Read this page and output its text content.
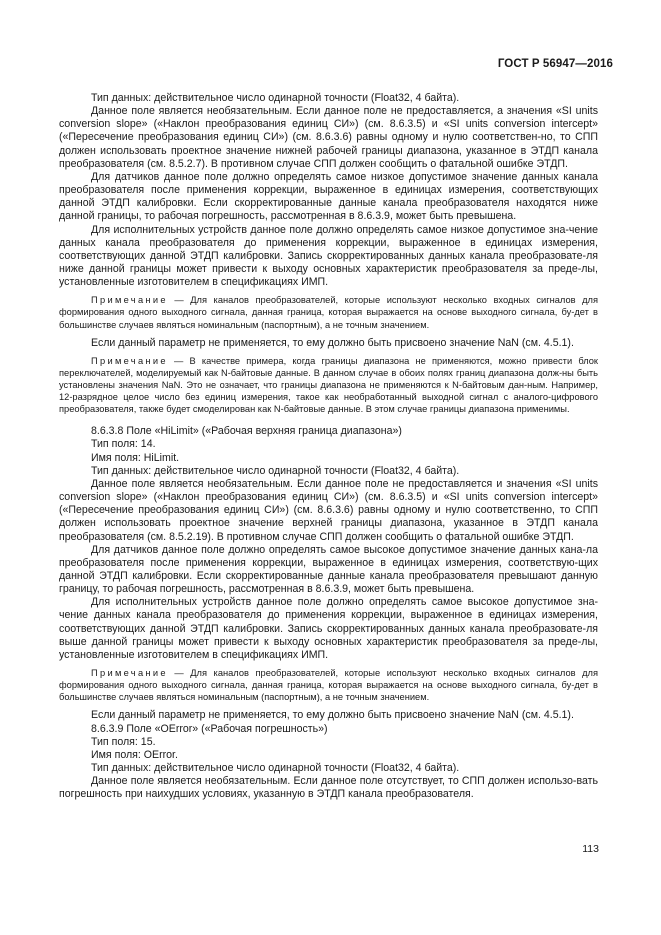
ГОСТ Р 56947—2016

Тип данных: действительное число одинарной точности (Float32, 4 байта).

Данное поле является необязательным. Если данное поле не предоставляется, а значения «SI units conversion slope» («Наклон преобразования единиц СИ») (см. 8.6.3.5) и «SI units conversion intercept» («Пересечение преобразования единиц СИ») (см. 8.6.3.6) равны одному и нулю соответствен-но, то СПП должен использовать проектное значение нижней рабочей границы диапазона, указанное в ЭТДП канала преобразователя (см. 8.5.2.7). В противном случае СПП должен сообщить о фатальной ошибке ЭТДП.

Для датчиков данное поле должно определять самое низкое допустимое значение данных канала преобразователя после применения коррекции, выраженное в единицах измерения, соответствующих данной ЭТДП калибровки. Если скорректированные данные канала преобразователя находятся ниже данной границы, то рабочая погрешность, рассмотренная в 8.6.3.9, может быть превышена.

Для исполнительных устройств данное поле должно определять самое низкое допустимое зна-чение данных канала преобразователя до применения коррекции, выраженное в единицах измерения, соответствующих данной ЭТДП калибровки. Запись скорректированных данных канала преобразовате-ля ниже данной границы может привести к выходу основных характеристик преобразователя за преде-лы, установленные изготовителем в спецификациях ИМП.

Примечание — Для каналов преобразователей, которые используют несколько входных сигналов для формирования одного выходного сигнала, данная граница, которая выражается на основе выходного сигнала, бу-дет в большинстве случаев являться номинальным (паспортным), а не точным значением.

Если данный параметр не применяется, то ему должно быть присвоено значение NaN (см. 4.5.1).

Примечание — В качестве примера, когда границы диапазона не применяются, можно привести блок переключателей, моделируемый как N-байтовые данные. В данном случае в обоих полях границ диапазона долж-ны быть установлены значения NaN. Это не означает, что границы диапазона не применяются к N-байтовым дан-ным. Например, 12-разрядное целое число без единиц измерения, такое как необработанный выходной сигнал с аналого-цифрового преобразователя, также будет смоделирован как N-байтовые данные. В этом случае границы диапазона применимы.

8.6.3.8 Поле «HiLimit» («Рабочая верхняя граница диапазона»)

Тип поля: 14.

Имя поля: HiLimit.

Тип данных: действительное число одинарной точности (Float32, 4 байта).

Данное поле является необязательным. Если данное поле не предоставляется и значения «SI units conversion slope» («Наклон преобразования единиц СИ») (см. 8.6.3.5) и «SI units conversion intercept» («Пересечение преобразования единиц СИ») (см. 8.6.3.6) равны одному и нулю соответственно, то СПП должен использовать проектное значение верхней границы диапазона, указанное в ЭТДП канала преобразователя (см. 8.5.2.19). В противном случае СПП должен сообщить о фатальной ошибке ЭТДП.

Для датчиков данное поле должно определять самое высокое допустимое значение данных кана-ла преобразователя после применения коррекции, выраженное в единицах измерения, соответствую-щих данной ЭТДП калибровки. Если скорректированные данные канала преобразователя превышают данную границу, то рабочая погрешность, рассмотренная в 8.6.3.9, может быть превышена.

Для исполнительных устройств данное поле должно определять самое высокое допустимое зна-чение данных канала преобразователя до применения коррекции, выраженное в единицах измерения, соответствующих данной ЭТДП калибровки. Запись скорректированных данных канала преобразовате-ля выше данной границы может привести к выходу основных характеристик преобразователя за преде-лы, установленные изготовителем в спецификациях ИМП.

Примечание — Для каналов преобразователей, которые используют несколько входных сигналов для формирования одного выходного сигнала, данная граница, которая выражается на основе выходного сигнала, бу-дет в большинстве случаев являться номинальным (паспортным), а не точным значением.

Если данный параметр не применяется, то ему должно быть присвоено значение NaN (см. 4.5.1).

8.6.3.9 Поле «OError» («Рабочая погрешность»)

Тип поля: 15.

Имя поля: OError.

Тип данных: действительное число одинарной точности (Float32, 4 байта).

Данное поле является необязательным. Если данное поле отсутствует, то СПП должен использо-вать погрешность при наихудших условиях, указанную в ЭТДП канала преобразователя.

113
